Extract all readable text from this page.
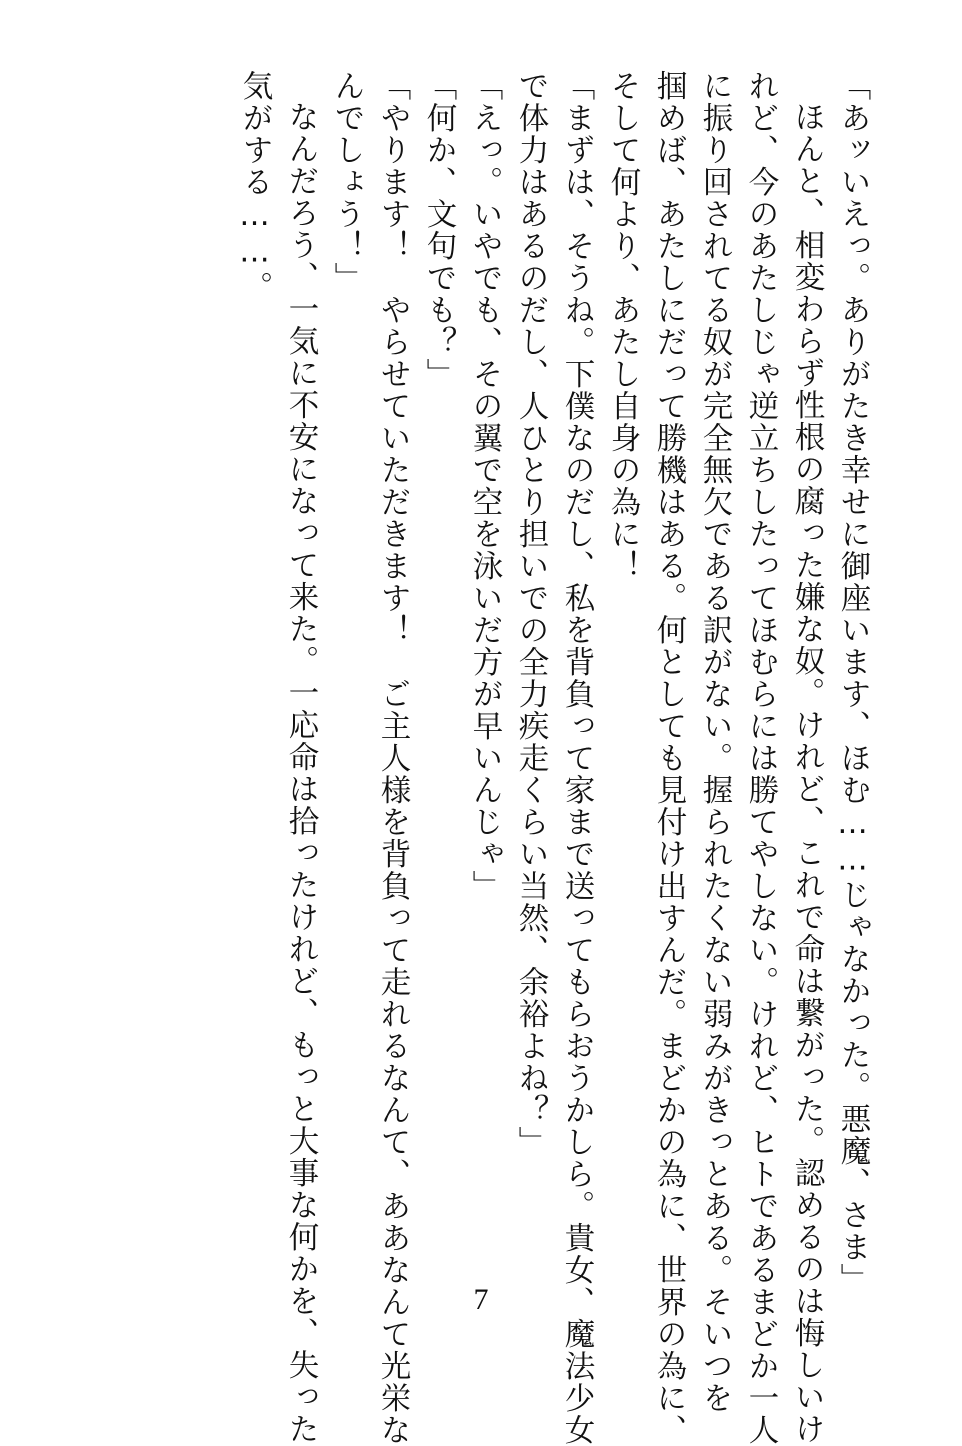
「あッいえっ。ありがたき幸せに御座います、ほむ……じゃなかった。悪魔、さま」
ほんと、相変わらず性根の腐った嫌な奴。けれど、これで命は繋がった。認めるのは悔しいけ
れど、今のあたしじゃ逆立ちしたってほむらには勝てやしない。けれど、ヒトであるまどか一人
に振り回されてる奴が完全無欠である訳がない。握られたくない弱みがきっとある。そいつを
掴めば、あたしにだって勝機はある。何としても見付け出すんだ。まどかの為に、世界の為に、
そして何より、あたし自身の為に！
「まずは、そうね。下僕なのだし、私を背負って家まで送ってもらおうかしら。貴女、魔法少女
で体力はあるのだし、人ひとり担いでの全力疾走くらい当然、余裕よね？」
「えっ。いやでも、その翼で空を泳いだ方が早いんじゃ」
「何か、文句でも？」
「やります！　やらせていただきます！　ご主人様を背負って走れるなんて、ああなんて光栄な
んでしょう！」
なんだろう、一気に不安になって来た。一応命は拾ったけれど、もっと大事な何かを、失った
気がする……。
7
